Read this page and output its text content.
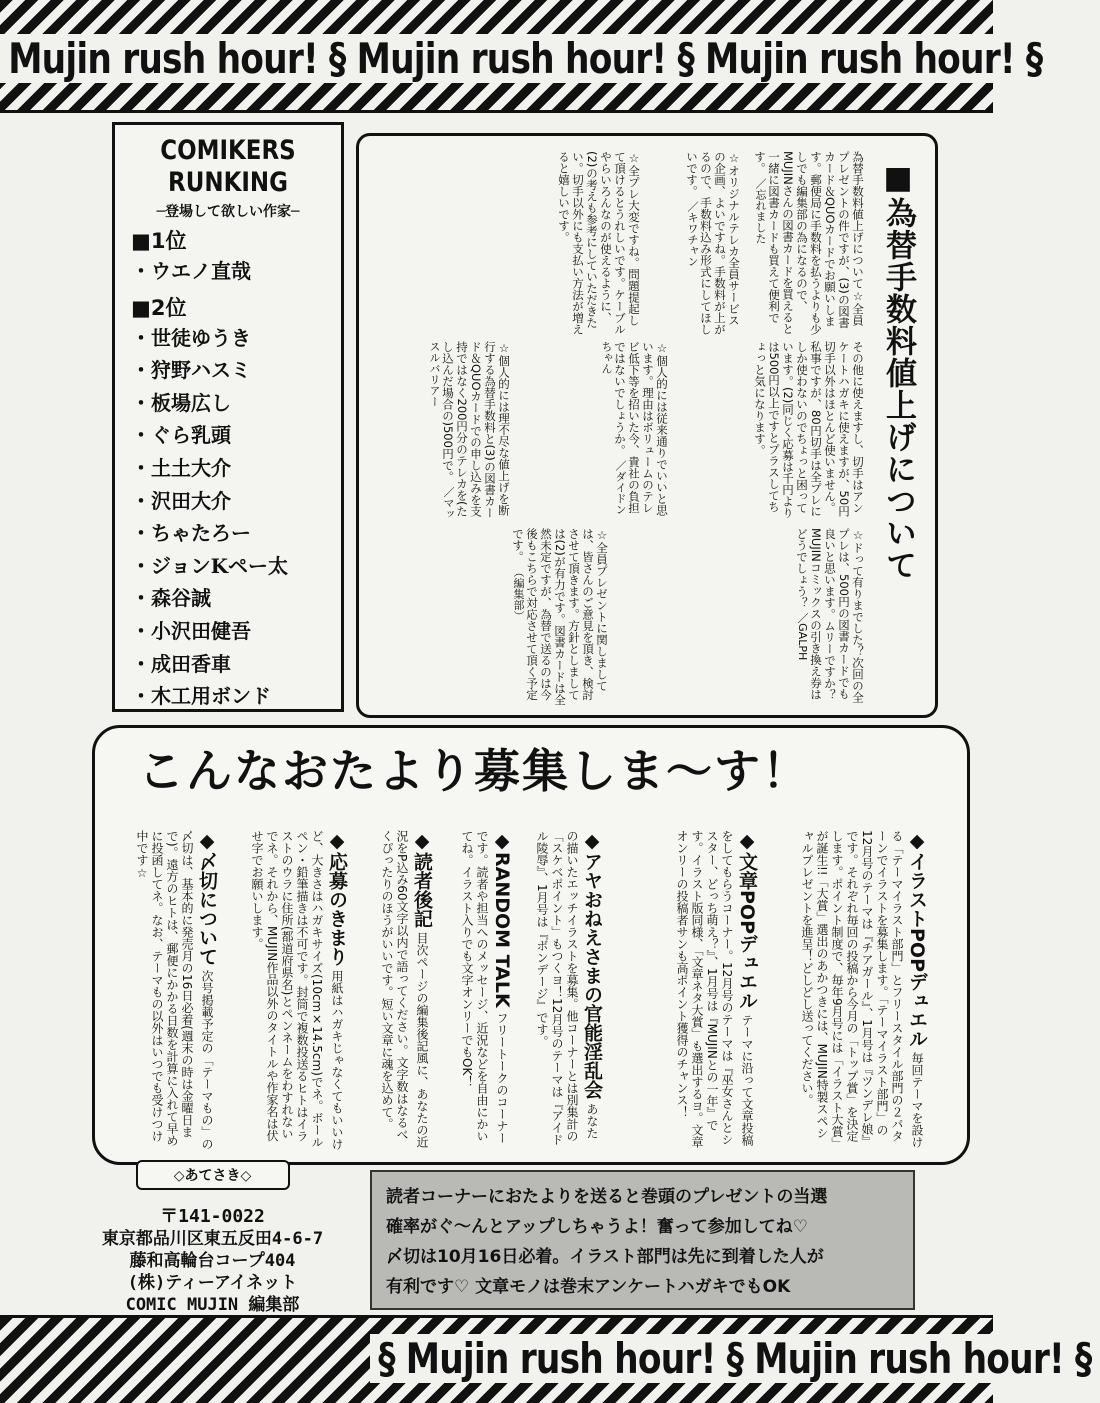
Mujin rush hour! § Mujin rush hour! § Mujin rush hour! §
COMIKERS
RUNKING
─登場して欲しい作家─
■1位
・ウエノ直哉
■2位
・世徒ゆうき
・狩野ハスミ
・板場広し
・ぐら乳頭
・土土大介
・沢田大介
・ちゃたろー
・ジョンKペー太
・森谷誠
・小沢田健吾
・成田香車
・木工用ボンド
為替手数料値上げについて☆全員プレゼントの件ですが、(3)の図書カード＆QUOカードでお願いします。郵便局に手数料を払うよりも少しでも編集部の為になるので、MUJINさんの図書カードを買えると一緒に図書カードも買えて便利です。 ／忘れました
☆オリジナルテレカ全員サービスの企画、よいですね。手数料が上がるので、手数料込み形式にしてほしいです。 ／キワチャン
☆全プレ大変ですね。問題提起して頂けるとうれしいです。ケーブルやらいろんなのが使えるように、(2)の考えも参考にしていただきたい。切手以外にも支払い方法が増えると嬉しいです。
その他に使えますし、切手はアンケートハガキに使えますが、50円切手以外はほとんど使いません。私事ですが、80円切手は全プレにしか使わないのでちょっと困っています。(2)同じく応募は千円よりは500円以上ですとプラスしてちょっと気になります。
☆個人的には従来通りでいいと思います。理由はボリュームのテレビ低下等を招いた今、貴社の負担ではないでしょうか。 ／ダイドンちゃん
☆個人的には理不尽な値上げを断行する為替手数料と(3)の図書カード＆QUOカードでの申し込みを支持ではなく200円分のテレカを(たし込んだ場合の)500円で。 ／マッスルバリアー
☆ドって有りまでした？次回の全プレは、500円の図書カードでも良いと思います。ムリーですか？MUJINコミックスの引き換え券はどうでしょう？ ／GALPH
☆全員プレゼントに関しましては、皆さんのご意見を頂き、検討させて頂きます。方針としましては(2)が有力です。図書カードは全然未定ですが、為替で送るのは今後もこちらで対応させて頂く予定です。 （編集部）
■為替手数料値上げについて
こんなおたより募集しま～す！
◆イラストPOPデュエル 毎回テーマを設ける「テーマイラスト部門」とフリースタイル部門の２パターンでイラストを募集します。「テーマイラスト部門」の12月号のテーマは『チアガール』、1月号は『ツンデレ娘』です。それぞれ毎回の投稿から今月の「トップ賞」を決定します。ポイント制度で、毎年9月号には「イラスト大賞」が誕生!!「大賞」選出のあかつきには、MUJIN特製スペシャルプレゼントを進呈！どしどし送ってください。
◆文章POPデュエル テーマに沿って文章投稿をしてもらうコーナー。12月号のテーマは『巫女さんとシスター、どっち萌え？』、1月号は『MUJINとの一年』です。イラスト版同様、「文章ネタ大賞」も選出するヨ。文章オンリーの投稿者サンも高ポイント獲得のチャンス！
◆アヤおねえさまの官能淫乱会 あなたの描いたエッチイラストを募集。他コーナーとは別集計の「スケベポイント」もつくヨ！12月号のテーマは『アイドル陵辱』、1月号は『ボンデージ』です。
◆RANDOM TALK フリートークのコーナーです。読者や担当へのメッセージ、近況などを自由にかいてね。イラスト入りでも文字オンリーでもOK！
◆読者後記 目次ページの編集後記風に、あなたの近況をP込み60文字以内で語ってください。文字数はなるべくぴったりのほうがいいです。短い文章に魂を込めて。
◆応募のきまり 用紙はハガキじゃなくてもいいけど、大きさはハガキサイズ(10cm×14.5cm)でネ。ボールペン・鉛筆描きは不可です。封筒で複数投送るヒトはイラストのウラに住所(都道府県名)とペンネームをわすれないでネ。それから、MUJIN作品以外のタイトルや作家名は伏せ字でお願いします。
◆〆切について 次号掲載予定の「テーマもの」の〆切は、基本的に発売月の16日必着(週末の時は金曜日まで)。遠方のヒトは、郵便にかかる日数を計算に入れて早めに投函してネ。なお、テーマもの以外はいつでも受けつけ中です☆
◇あてさき◇
〒141-0022
東京都品川区東五反田4-6-7
藤和高輪台コープ404
(株)ティーアイネット
COMIC MUJIN 編集部

読者コーナーにおたよりを送ると巻頭のプレゼントの当選

確率がぐ～んとアップしちゃうよ！奮って参加してね♡

〆切は10月16日必着。イラスト部門は先に到着した人が

有利です♡ 文章モノは巻末アンケートハガキでもOK

§ Mujin rush hour! § Mujin rush hour! §
